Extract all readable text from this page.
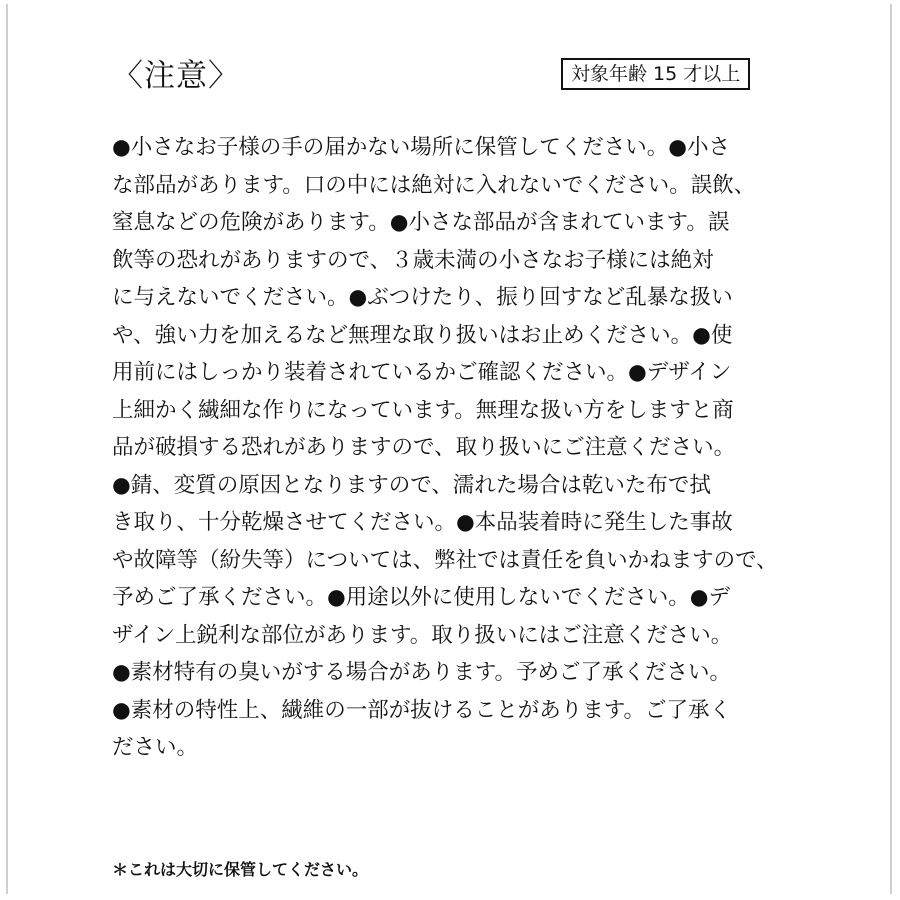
〈注意〉	対象年齢 15 才以上
●小さなお子様の手の届かない場所に保管してください。●小さ
な部品があります。口の中には絶対に入れないでください。誤飲、
窒息などの危険があります。●小さな部品が含まれています。誤
飲等の恐れがありますので、３歳未満の小さなお子様には絶対
に与えないでください。●ぶつけたり、振り回すなど乱暴な扱い
や、強い力を加えるなど無理な取り扱いはお止めください。●使
用前にはしっかり装着されているかご確認ください。●デザイン
上細かく繊細な作りになっています。無理な扱い方をしますと商
品が破損する恐れがありますので、取り扱いにご注意ください。
●錆、変質の原因となりますので、濡れた場合は乾いた布で拭
き取り、十分乾燥させてください。●本品装着時に発生した事故
や故障等（紛失等）については、弊社では責任を負いかねますので、
予めご了承ください。●用途以外に使用しないでください。●デ
ザイン上鋭利な部位があります。取り扱いにはご注意ください。
●素材特有の臭いがする場合があります。予めご了承ください。
●素材の特性上、繊維の一部が抜けることがあります。ご了承く
ださい。
＊これは大切に保管してください。
